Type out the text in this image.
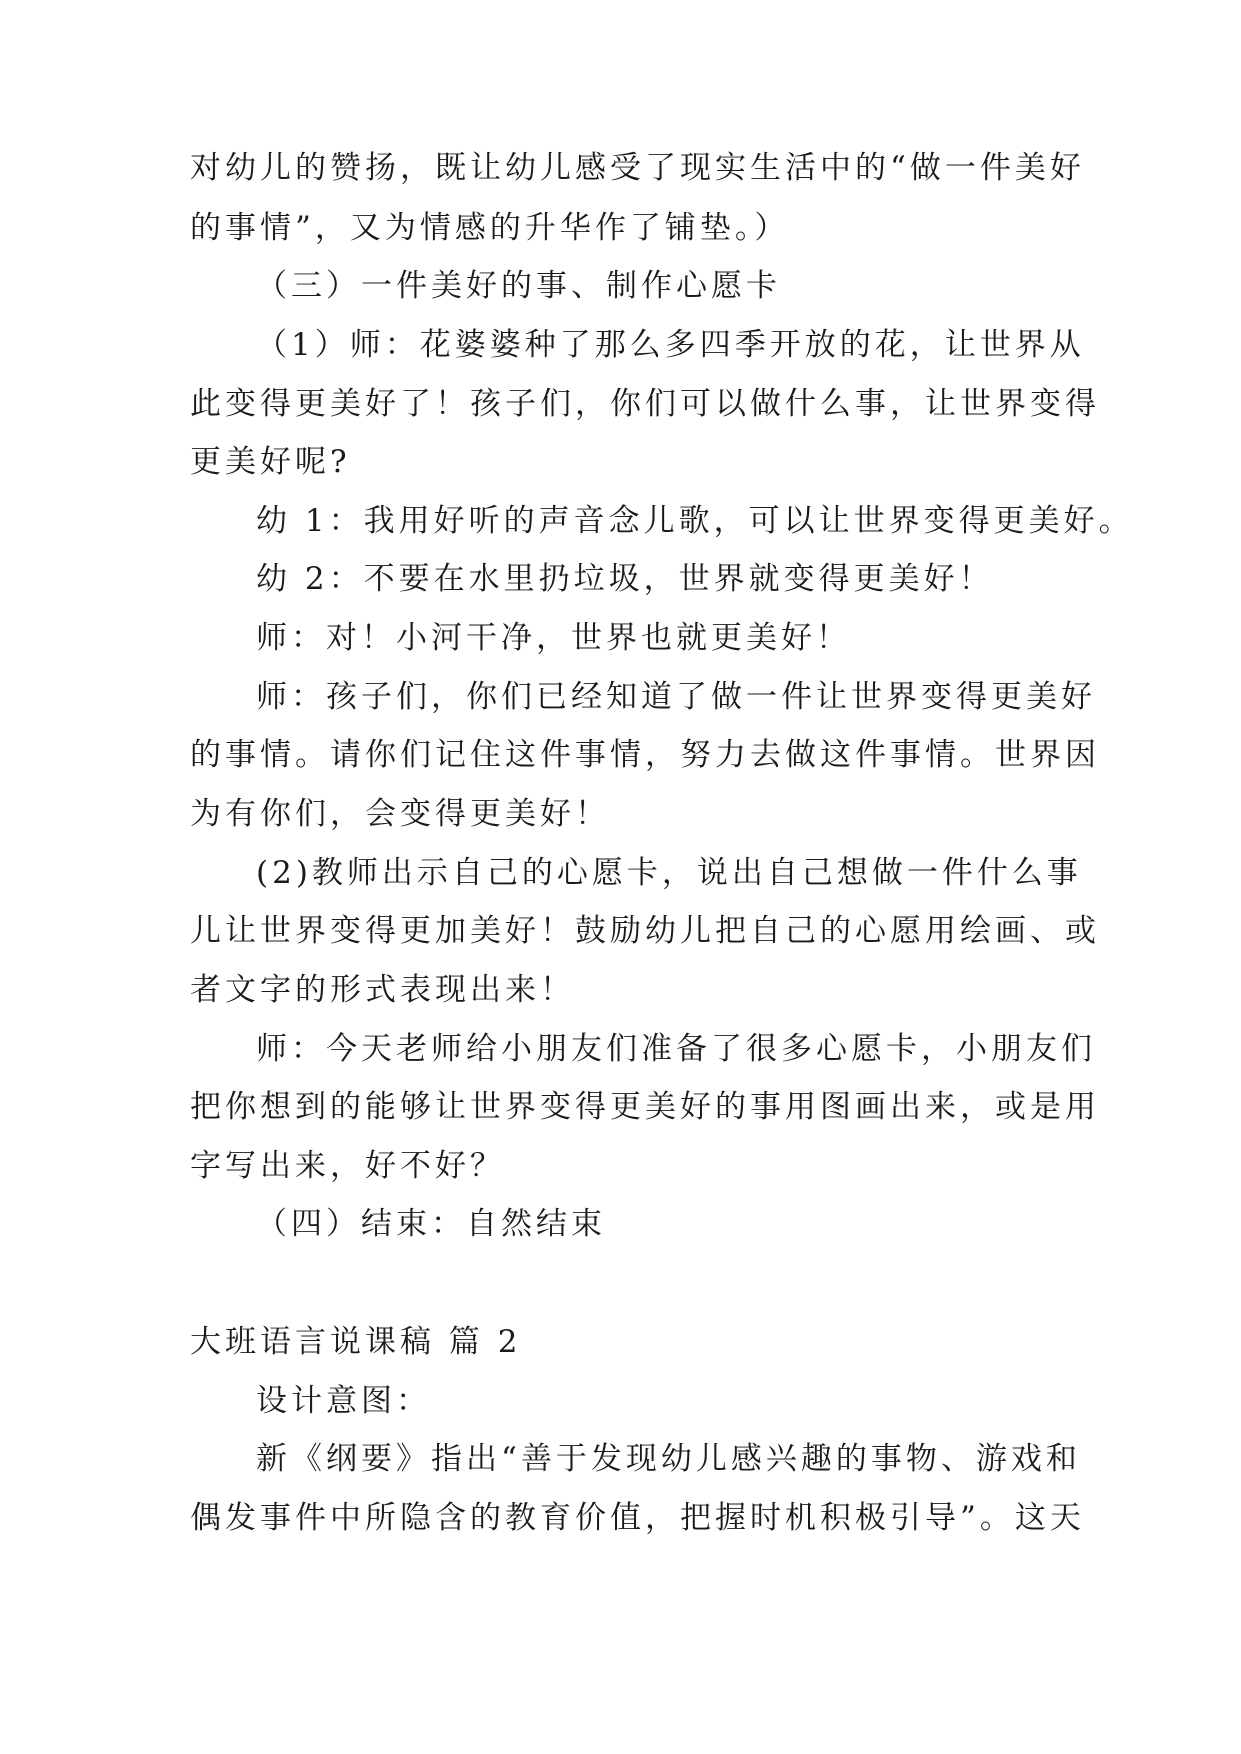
对幼儿的赞扬，既让幼儿感受了现实生活中的“做一件美好
的事情”，又为情感的升华作了铺垫。）
（三）一件美好的事、制作心愿卡
（1）师：花婆婆种了那么多四季开放的花，让世界从
此变得更美好了！孩子们，你们可以做什么事，让世界变得
更美好呢?
幼 1：我用好听的声音念儿歌，可以让世界变得更美好。
幼 2：不要在水里扔垃圾，世界就变得更美好！
师：对！小河干净，世界也就更美好！
师：孩子们，你们已经知道了做一件让世界变得更美好
的事情。请你们记住这件事情，努力去做这件事情。世界因
为有你们，会变得更美好！
(2)教师出示自己的心愿卡，说出自己想做一件什么事
儿让世界变得更加美好！鼓励幼儿把自己的心愿用绘画、或
者文字的形式表现出来！
师：今天老师给小朋友们准备了很多心愿卡，小朋友们
把你想到的能够让世界变得更美好的事用图画出来，或是用
字写出来，好不好？
（四）结束：自然结束
大班语言说课稿 篇 2
设计意图：
新《纲要》指出“善于发现幼儿感兴趣的事物、游戏和
偶发事件中所隐含的教育价值，把握时机积极引导”。这天
